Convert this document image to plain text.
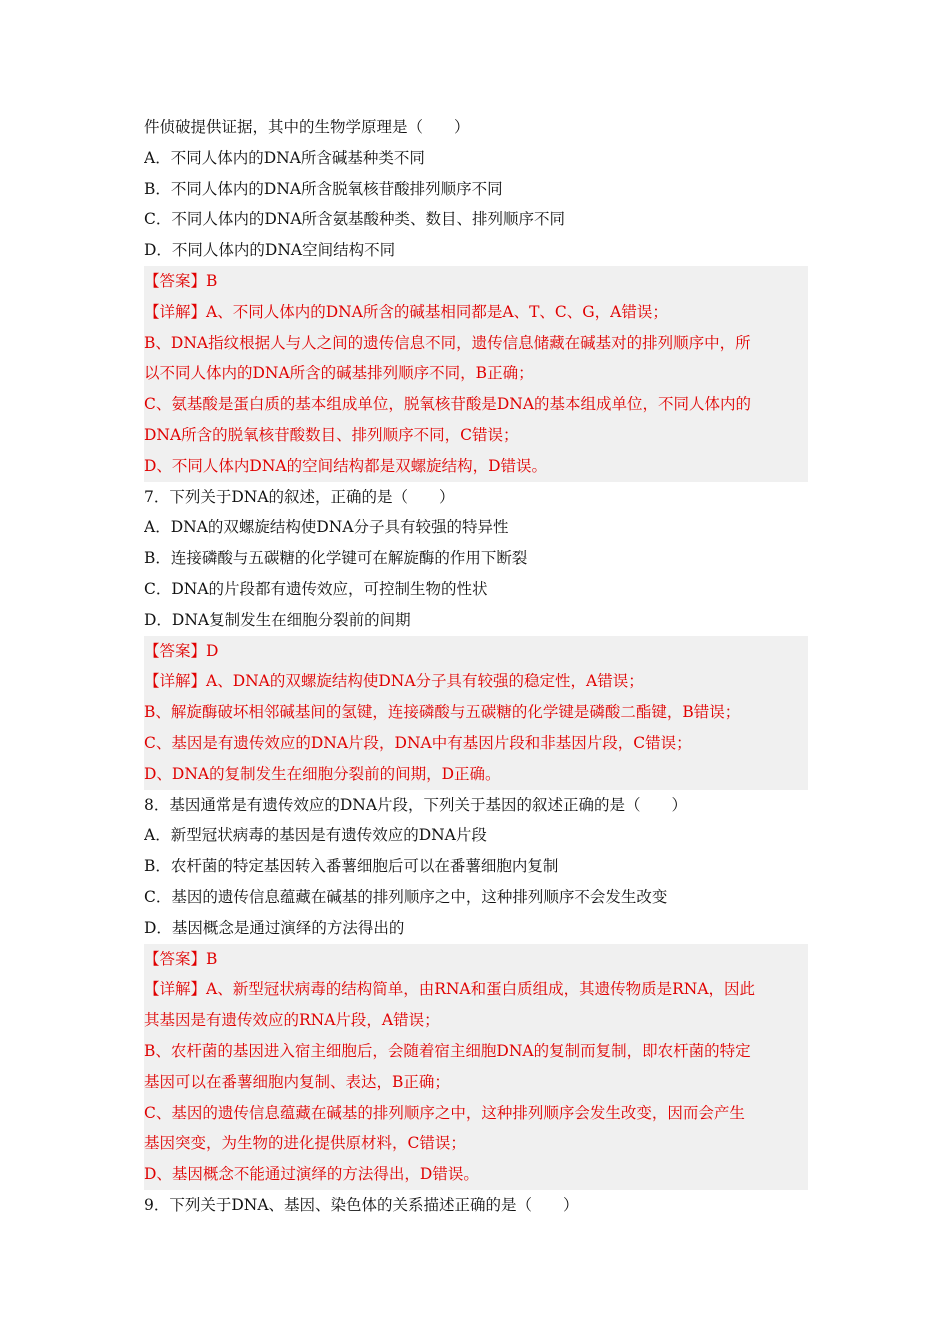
件侦破提供证据，其中的生物学原理是（　　）
A．不同人体内的DNA所含碱基种类不同
B．不同人体内的DNA所含脱氧核苷酸排列顺序不同
C．不同人体内的DNA所含氨基酸种类、数目、排列顺序不同
D．不同人体内的DNA空间结构不同
【答案】B
【详解】A、不同人体内的DNA所含的碱基相同都是A、T、C、G，A错误；
B、DNA指纹根据人与人之间的遗传信息不同，遗传信息储藏在碱基对的排列顺序中，所
以不同人体内的DNA所含的碱基排列顺序不同，B正确；
C、氨基酸是蛋白质的基本组成单位，脱氧核苷酸是DNA的基本组成单位，不同人体内的
DNA所含的脱氧核苷酸数目、排列顺序不同，C错误；
D、不同人体内DNA的空间结构都是双螺旋结构，D错误。
7．下列关于DNA的叙述，正确的是（　　）
A．DNA的双螺旋结构使DNA分子具有较强的特异性
B．连接磷酸与五碳糖的化学键可在解旋酶的作用下断裂
C．DNA的片段都有遗传效应，可控制生物的性状
D．DNA复制发生在细胞分裂前的间期
【答案】D
【详解】A、DNA的双螺旋结构使DNA分子具有较强的稳定性，A错误；
B、解旋酶破坏相邻碱基间的氢键，连接磷酸与五碳糖的化学键是磷酸二酯键，B错误；
C、基因是有遗传效应的DNA片段，DNA中有基因片段和非基因片段，C错误；
D、DNA的复制发生在细胞分裂前的间期，D正确。
8．基因通常是有遗传效应的DNA片段，下列关于基因的叙述正确的是（　　）
A．新型冠状病毒的基因是有遗传效应的DNA片段
B．农杆菌的特定基因转入番薯细胞后可以在番薯细胞内复制
C．基因的遗传信息蕴藏在碱基的排列顺序之中，这种排列顺序不会发生改变
D．基因概念是通过演绎的方法得出的
【答案】B
【详解】A、新型冠状病毒的结构简单，由RNA和蛋白质组成，其遗传物质是RNA，因此
其基因是有遗传效应的RNA片段，A错误；
B、农杆菌的基因进入宿主细胞后，会随着宿主细胞DNA的复制而复制，即农杆菌的特定
基因可以在番薯细胞内复制、表达，B正确；
C、基因的遗传信息蕴藏在碱基的排列顺序之中，这种排列顺序会发生改变，因而会产生
基因突变，为生物的进化提供原材料，C错误；
D、基因概念不能通过演绎的方法得出，D错误。
9．下列关于DNA、基因、染色体的关系描述正确的是（　　）
